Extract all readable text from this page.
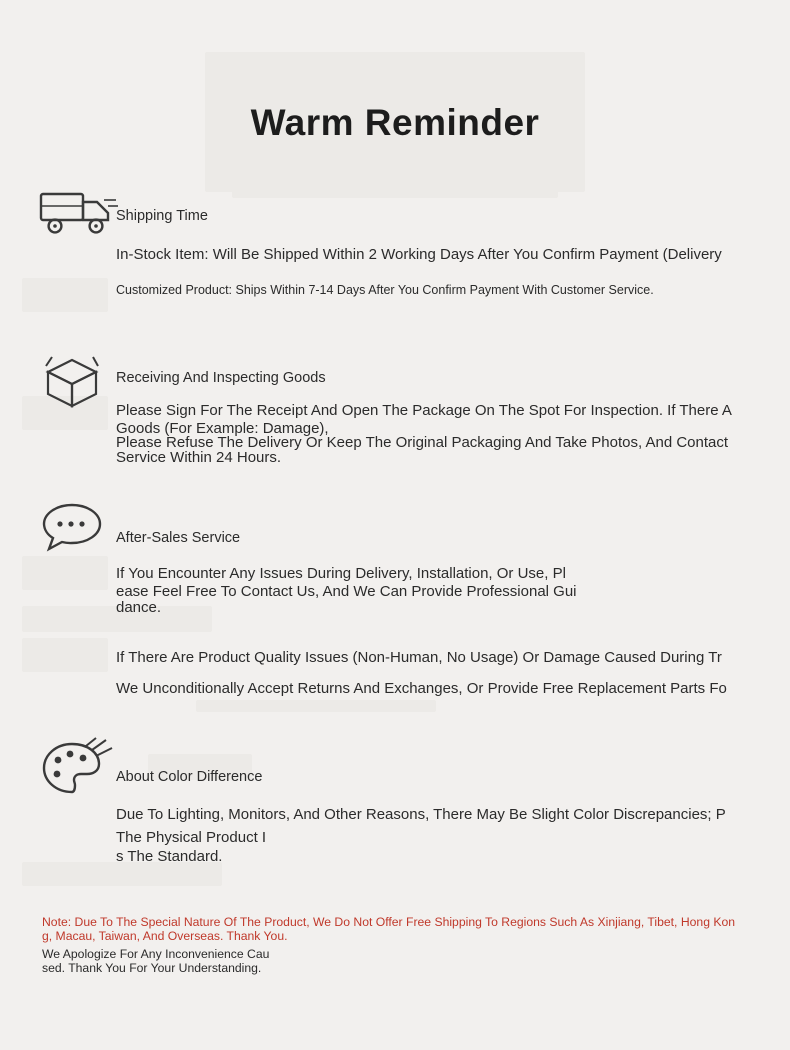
Warm Reminder
Shipping Time
In-Stock Item: Will Be Shipped Within 2 Working Days After You Confirm Payment (Delivery
Customized Product: Ships Within 7-14 Days After You Confirm Payment With Customer Service.
Receiving And Inspecting Goods
Please Sign For The Receipt And Open The Package On The Spot For Inspection. If There A
Goods (For Example: Damage),
Please Refuse The Delivery Or Keep The Original Packaging And Take Photos, And Contact
Service Within 24 Hours.
After-Sales Service
If You Encounter Any Issues During Delivery, Installation, Or Use, Pl
ease Feel Free To Contact Us, And We Can Provide Professional Gui
dance.
If There Are Product Quality Issues (Non-Human, No Usage) Or Damage Caused During Tr
We Unconditionally Accept Returns And Exchanges, Or Provide Free Replacement Parts Fo
About Color Difference
Due To Lighting, Monitors, And Other Reasons, There May Be Slight Color Discrepancies; P
The Physical Product I
s The Standard.
Note: Due To The Special Nature Of The Product, We Do Not Offer Free Shipping To Regions Such As Xinjiang, Tibet, Hong Kon
g, Macau, Taiwan, And Overseas. Thank You.
We Apologize For Any Inconvenience Cau
sed. Thank You For Your Understanding.
